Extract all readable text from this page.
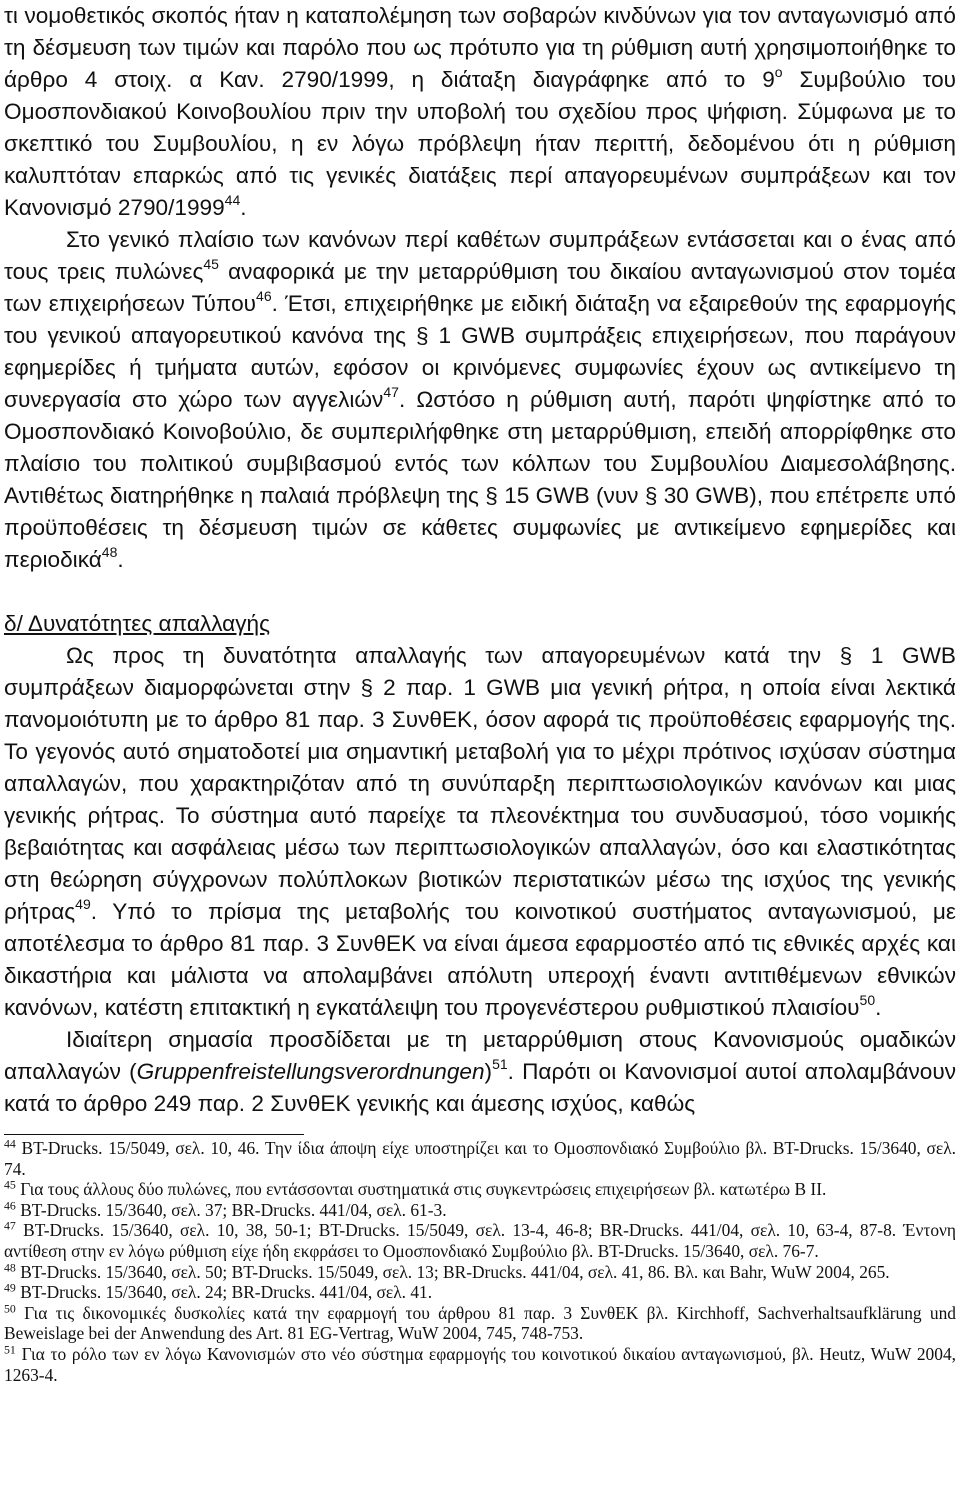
τι νομοθετικός σκοπός ήταν η καταπολέμηση των σοβαρών κινδύνων για τον ανταγωνισμό από τη δέσμευση των τιμών και παρόλο που ως πρότυπο για τη ρύθμιση αυτή χρησιμοποιήθηκε το άρθρο 4 στοιχ. α Καν. 2790/1999, η διάταξη διαγράφηκε από το $9^o$ Συμβούλιο του Ομοσπονδιακού Κοινοβουλίου πριν την υποβολή του σχεδίου προς ψήφιση. Σύμφωνα με το σκεπτικό του Συμβουλίου, η εν λόγω πρόβλεψη ήταν περιττή, δεδομένου ότι η ρύθμιση καλυπτόταν επαρκώς από τις γενικές διατάξεις περί απαγορευμένων συμπράξεων και τον Κανονισμό 2790/1999$^{44}$.

Στο γενικό πλαίσιο των κανόνων περί καθέτων συμπράξεων εντάσσεται και ο ένας από τους τρεις πυλώνες$^{45}$ αναφορικά με την μεταρρύθμιση του δικαίου ανταγωνισμού στον τομέα των επιχειρήσεων Τύπου$^{46}$. Έτσι, επιχειρήθηκε με ειδική διάταξη να εξαιρεθούν της εφαρμογής του γενικού απαγορευτικού κανόνα της § 1 GWB συμπράξεις επιχειρήσεων, που παράγουν εφημερίδες ή τμήματα αυτών, εφόσον οι κρινόμενες συμφωνίες έχουν ως αντικείμενο τη συνεργασία στο χώρο των αγγελιών$^{47}$. Ωστόσο η ρύθμιση αυτή, παρότι ψηφίστηκε από το Ομοσπονδιακό Κοινοβούλιο, δε συμπεριλήφθηκε στη μεταρρύθμιση, επειδή απορρίφθηκε στο πλαίσιο του πολιτικού συμβιβασμού εντός των κόλπων του Συμβουλίου Διαμεσολάβησης. Αντιθέτως διατηρήθηκε η παλαιά πρόβλεψη της § 15 GWB (νυν § 30 GWB), που επέτρεπε υπό προϋποθέσεις τη δέσμευση τιμών σε κάθετες συμφωνίες με αντικείμενο εφημερίδες και περιοδικά$^{48}$.

δ/ Δυνατότητες απαλλαγής

Ως προς τη δυνατότητα απαλλαγής των απαγορευμένων κατά την § 1 GWB συμπράξεων διαμορφώνεται στην § 2 παρ. 1 GWB μια γενική ρήτρα, η οποία είναι λεκτικά πανομοιότυπη με το άρθρο 81 παρ. 3 ΣυνθΕΚ, όσον αφορά τις προϋποθέσεις εφαρμογής της. Το γεγονός αυτό σηματοδοτεί μια σημαντική μεταβολή για το μέχρι πρότινος ισχύσαν σύστημα απαλλαγών, που χαρακτηριζόταν από τη συνύπαρξη περιπτωσιολογικών κανόνων και μιας γενικής ρήτρας. Το σύστημα αυτό παρείχε τα πλεονέκτημα του συνδυασμού, τόσο νομικής βεβαιότητας και ασφάλειας μέσω των περιπτωσιολογικών απαλλαγών, όσο και ελαστικότητας στη θεώρηση σύγχρονων πολύπλοκων βιοτικών περιστατικών μέσω της ισχύος της γενικής ρήτρας$^{49}$. Υπό το πρίσμα της μεταβολής του κοινοτικού συστήματος ανταγωνισμού, με αποτέλεσμα το άρθρο 81 παρ. 3 ΣυνθΕΚ να είναι άμεσα εφαρμοστέο από τις εθνικές αρχές και δικαστήρια και μάλιστα να απολαμβάνει απόλυτη υπεροχή έναντι αντιτιθέμενων εθνικών κανόνων, κατέστη επιτακτική η εγκατάλειψη του προγενέστερου ρυθμιστικού πλαισίου$^{50}$.

Ιδιαίτερη σημασία προσδίδεται με τη μεταρρύθμιση στους Κανονισμούς ομαδικών απαλλαγών (Gruppenfreistellungsverordnungen)$^{51}$. Παρότι οι Κανονισμοί αυτοί απολαμβάνουν κατά το άρθρο 249 παρ. 2 ΣυνθΕΚ γενικής και άμεσης ισχύος, καθώς

$^{44}$ BT-Drucks. 15/5049, σελ. 10, 46. Την ίδια άποψη είχε υποστηρίζει και το Ομοσπονδιακό Συμβούλιο βλ. BT-Drucks. 15/3640, σελ. 74.

$^{45}$ Για τους άλλους δύο πυλώνες, που εντάσσονται συστηματικά στις συγκεντρώσεις επιχειρήσεων βλ. κατωτέρω Β ΙΙ.

$^{46}$ BT-Drucks. 15/3640, σελ. 37; BR-Drucks. 441/04, σελ. 61-3.

$^{47}$ BT-Drucks. 15/3640, σελ. 10, 38, 50-1; BT-Drucks. 15/5049, σελ. 13-4, 46-8; BR-Drucks. 441/04, σελ. 10, 63-4, 87-8. Έντονη αντίθεση στην εν λόγω ρύθμιση είχε ήδη εκφράσει το Ομοσπονδιακό Συμβούλιο βλ. BT-Drucks. 15/3640, σελ. 76-7.

$^{48}$ BT-Drucks. 15/3640, σελ. 50; BT-Drucks. 15/5049, σελ. 13; BR-Drucks. 441/04, σελ. 41, 86. Βλ. και Bahr, WuW 2004, 265.

$^{49}$ BT-Drucks. 15/3640, σελ. 24; BR-Drucks. 441/04, σελ. 41.

$^{50}$ Για τις δικονομικές δυσκολίες κατά την εφαρμογή του άρθρου 81 παρ. 3 ΣυνθΕΚ βλ. Kirchhoff, Sachverhaltsaufklärung und Beweislage bei der Anwendung des Art. 81 EG-Vertrag, WuW 2004, 745, 748-753.

$^{51}$ Για το ρόλο των εν λόγω Κανονισμών στο νέο σύστημα εφαρμογής του κοινοτικού δικαίου ανταγωνισμού, βλ. Heutz, WuW 2004, 1263-4.
